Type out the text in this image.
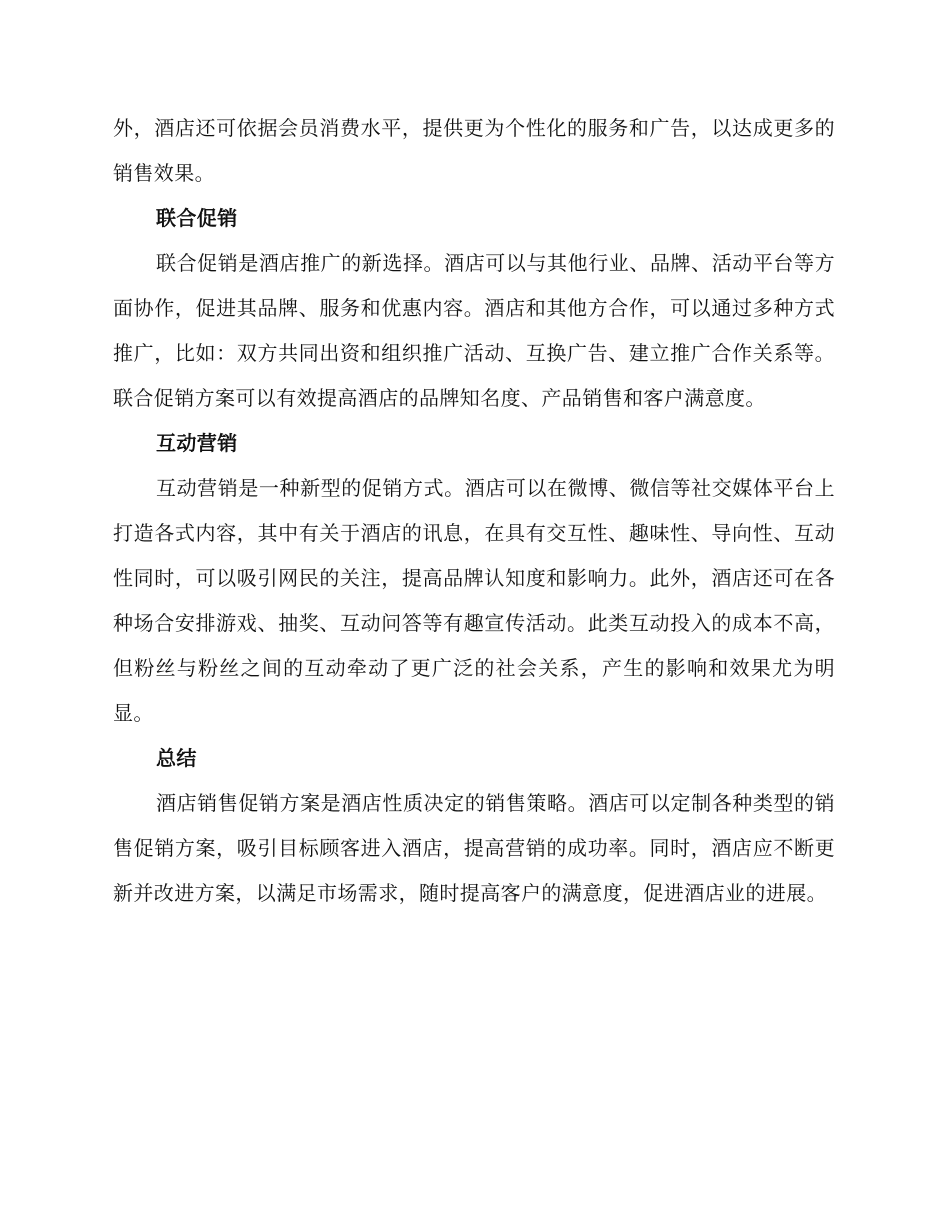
外，酒店还可依据会员消费水平，提供更为个性化的服务和广告，以达成更多的销售效果。

联合促销

联合促销是酒店推广的新选择。酒店可以与其他行业、品牌、活动平台等方面协作，促进其品牌、服务和优惠内容。酒店和其他方合作，可以通过多种方式推广，比如：双方共同出资和组织推广活动、互换广告、建立推广合作关系等。联合促销方案可以有效提高酒店的品牌知名度、产品销售和客户满意度。

互动营销

互动营销是一种新型的促销方式。酒店可以在微博、微信等社交媒体平台上打造各式内容，其中有关于酒店的讯息，在具有交互性、趣味性、导向性、互动性同时，可以吸引网民的关注，提高品牌认知度和影响力。此外，酒店还可在各种场合安排游戏、抽奖、互动问答等有趣宣传活动。此类互动投入的成本不高，但粉丝与粉丝之间的互动牵动了更广泛的社会关系，产生的影响和效果尤为明显。

总结

酒店销售促销方案是酒店性质决定的销售策略。酒店可以定制各种类型的销售促销方案，吸引目标顾客进入酒店，提高营销的成功率。同时，酒店应不断更新并改进方案，以满足市场需求，随时提高客户的满意度，促进酒店业的进展。
